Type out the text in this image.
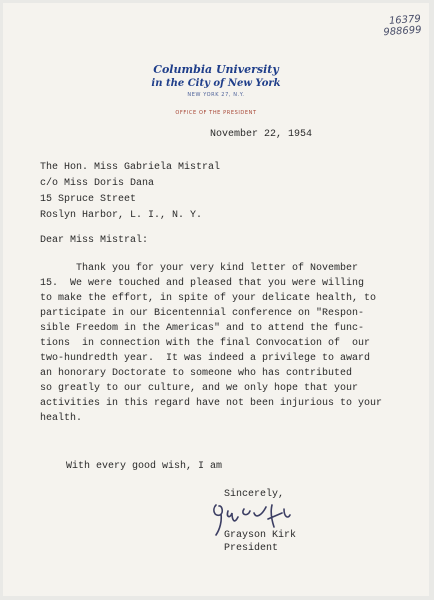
16379
988699
Columbia University
in the City of New York
NEW YORK 27, N.Y.
OFFICE OF THE PRESIDENT
November 22, 1954
The Hon. Miss Gabriela Mistral
c/o Miss Doris Dana
15 Spruce Street
Roslyn Harbor, L. I., N. Y.
Dear Miss Mistral:
Thank you for your very kind letter of November
15.  We were touched and pleased that you were willing
to make the effort, in spite of your delicate health, to
participate in our Bicentennial conference on "Respon-
sible Freedom in the Americas" and to attend the func-
tions  in connection with the final Convocation of  our
two-hundredth year.  It was indeed a privilege to award
an honorary Doctorate to someone who has contributed
so greatly to our culture, and we only hope that your
activities in this regard have not been injurious to your
health.
With every good wish, I am
Sincerely,
Grayson Kirk
President
